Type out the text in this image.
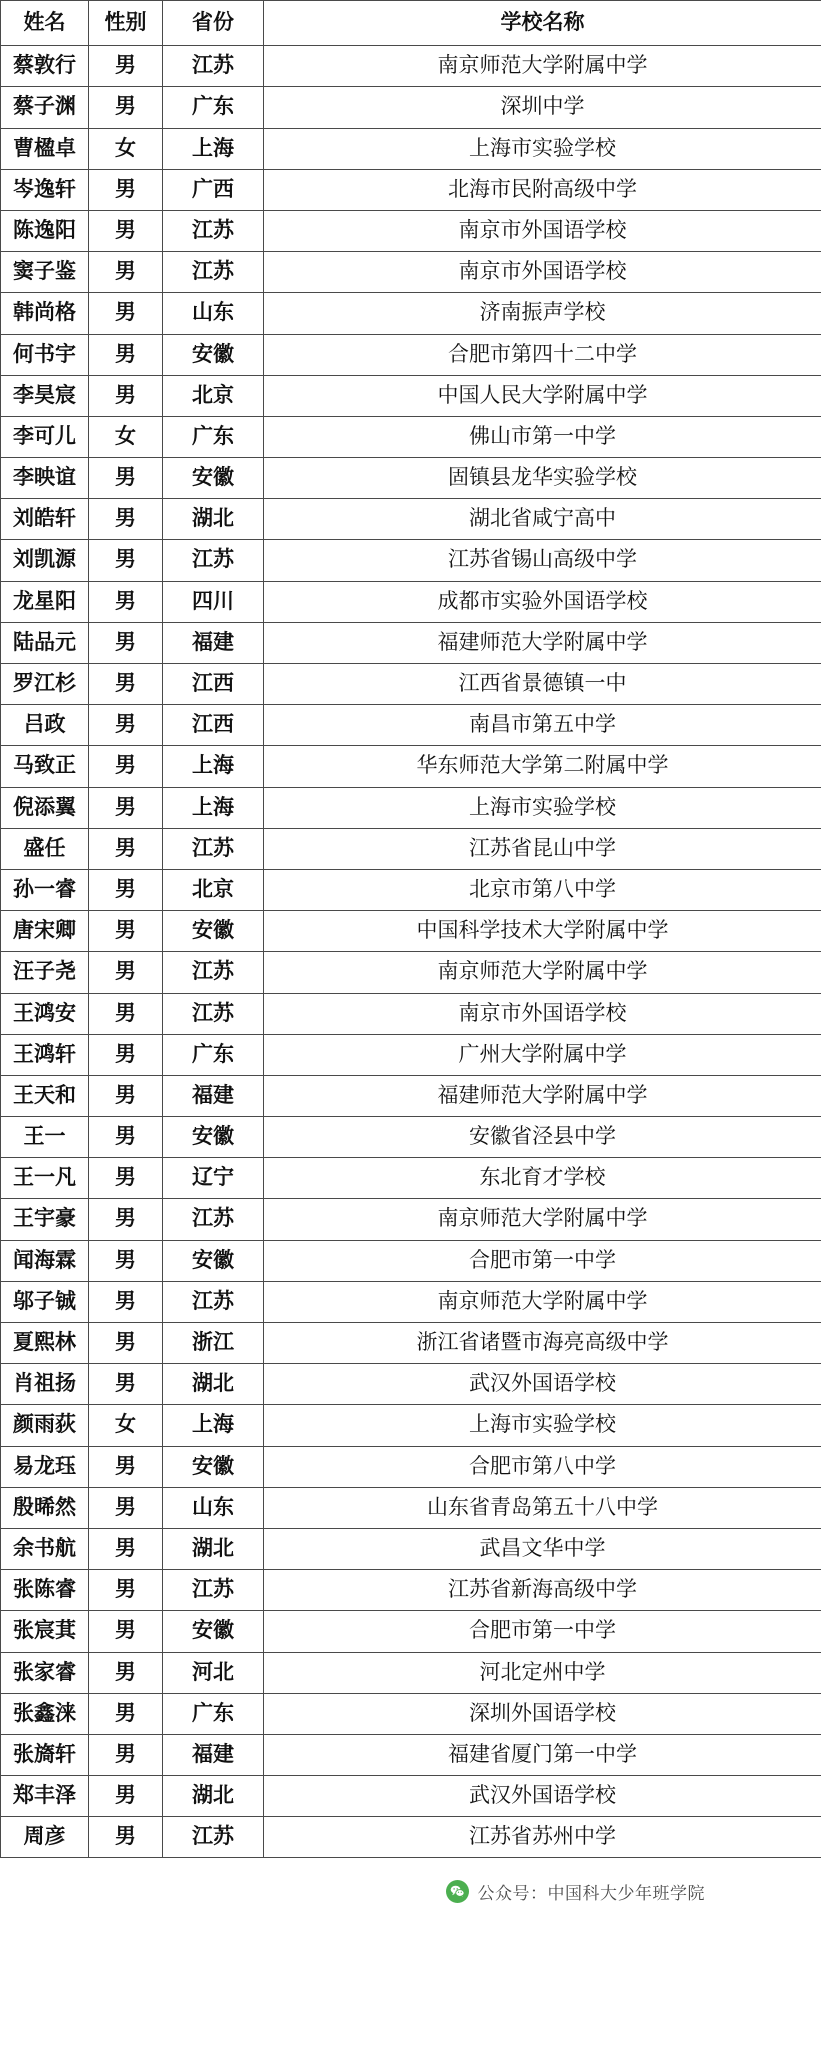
姓名	性别	省份	学校名称
蔡敦行	男	江苏	南京师范大学附属中学
蔡子渊	男	广东	深圳中学
曹楹卓	女	上海	上海市实验学校
岑逸轩	男	广西	北海市民附高级中学
陈逸阳	男	江苏	南京市外国语学校
窦子鉴	男	江苏	南京市外国语学校
韩尚格	男	山东	济南振声学校
何书宇	男	安徽	合肥市第四十二中学
李昊宸	男	北京	中国人民大学附属中学
李可儿	女	广东	佛山市第一中学
李映谊	男	安徽	固镇县龙华实验学校
刘皓轩	男	湖北	湖北省咸宁高中
刘凯源	男	江苏	江苏省锡山高级中学
龙星阳	男	四川	成都市实验外国语学校
陆品元	男	福建	福建师范大学附属中学
罗江杉	男	江西	江西省景德镇一中
吕政	男	江西	南昌市第五中学
马致正	男	上海	华东师范大学第二附属中学
倪添翼	男	上海	上海市实验学校
盛任	男	江苏	江苏省昆山中学
孙一睿	男	北京	北京市第八中学
唐宋卿	男	安徽	中国科学技术大学附属中学
汪子尧	男	江苏	南京师范大学附属中学
王鸿安	男	江苏	南京市外国语学校
王鸿轩	男	广东	广州大学附属中学
王天和	男	福建	福建师范大学附属中学
王一	男	安徽	安徽省泾县中学
王一凡	男	辽宁	东北育才学校
王宇豪	男	江苏	南京师范大学附属中学
闻海霖	男	安徽	合肥市第一中学
邬子铖	男	江苏	南京师范大学附属中学
夏熙林	男	浙江	浙江省诸暨市海亮高级中学
肖祖扬	男	湖北	武汉外国语学校
颜雨荻	女	上海	上海市实验学校
易龙珏	男	安徽	合肥市第八中学
殷晞然	男	山东	山东省青岛第五十八中学
余书航	男	湖北	武昌文华中学
张陈睿	男	江苏	江苏省新海高级中学
张宸萁	男	安徽	合肥市第一中学
张家睿	男	河北	河北定州中学
张鑫涞	男	广东	深圳外国语学校
张旖轩	男	福建	福建省厦门第一中学
郑丰泽	男	湖北	武汉外国语学校
周彦	男	江苏	江苏省苏州中学
公众号：中国科大少年班学院
